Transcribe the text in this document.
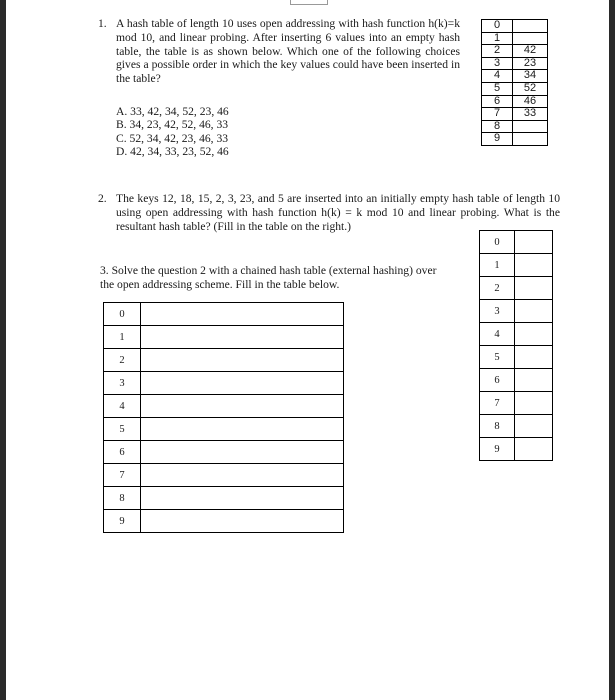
1. A hash table of length 10 uses open addressing with hash function h(k)=k mod 10, and linear probing. After inserting 6 values into an empty hash table, the table is as shown below. Which one of the following choices gives a possible order in which the key values could have been inserted in the table?
A. 33, 42, 34, 52, 23, 46
B. 34, 23, 42, 52, 46, 33
C. 52, 34, 42, 23, 46, 33
D. 42, 34, 33, 23, 52, 46
0	
1	
2	42
3	23
4	34
5	52
6	46
7	33
8	
9	
2. The keys 12, 18, 15, 2, 3, 23, and 5 are inserted into an initially empty hash table of length 10 using open addressing with hash function h(k) = k mod 10 and linear probing. What is the resultant hash table? (Fill in the table on the right.)
0	
1	
2	
3	
4	
5	
6	
7	
8	
9	
3. Solve the question 2 with a chained hash table (external hashing) over the open addressing scheme. Fill in the table below.
0	
1	
2	
3	
4	
5	
6	
7	
8	
9	
